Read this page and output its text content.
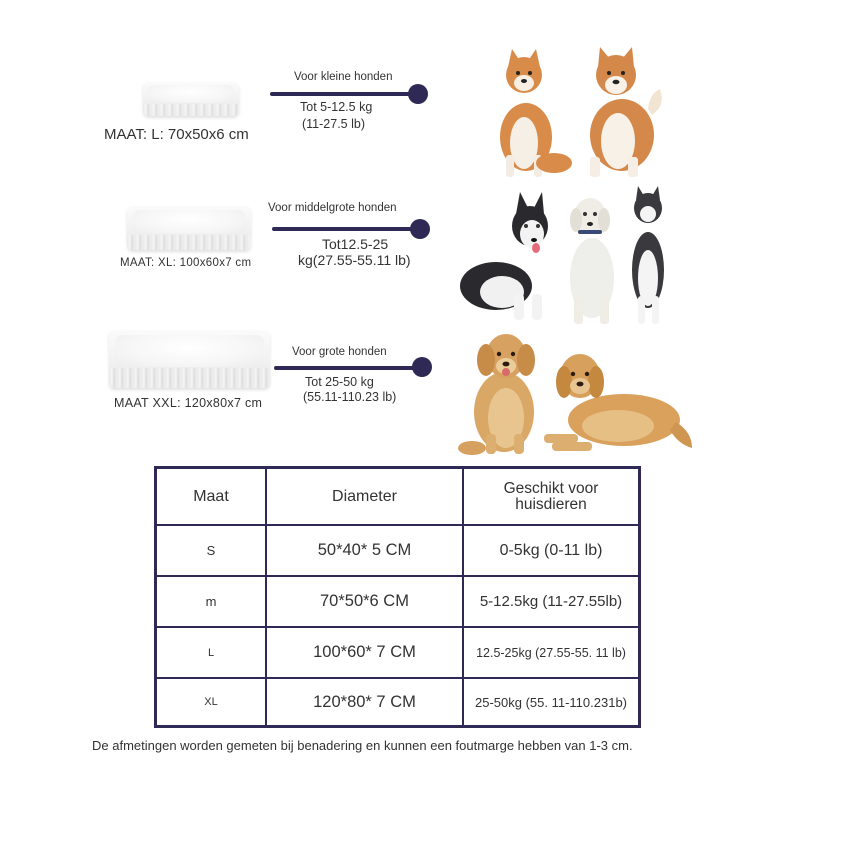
MAAT: L: 70x50x6 cm
Voor kleine honden
Tot 5-12.5 kg
(11-27.5 lb)
MAAT: XL: 100x60x7 cm
Voor middelgrote honden
Tot12.5-25
kg(27.55-55.11 lb)
MAAT XXL: 120x80x7 cm
Voor grote honden
Tot 25-50 kg
(55.11-110.23 lb)
Maat	Diameter	Geschikt voor
huisdieren
S	50*40* 5 CM	0-5kg (0-11 lb)
m	70*50*6 CM	5-12.5kg (11-27.55lb)
L	100*60* 7 CM	12.5-25kg (27.55-55. 11 lb)
XL	120*80* 7 CM	25-50kg (55. 11-110.231b)
De afmetingen worden gemeten bij benadering en kunnen een foutmarge hebben van 1-3 cm.
